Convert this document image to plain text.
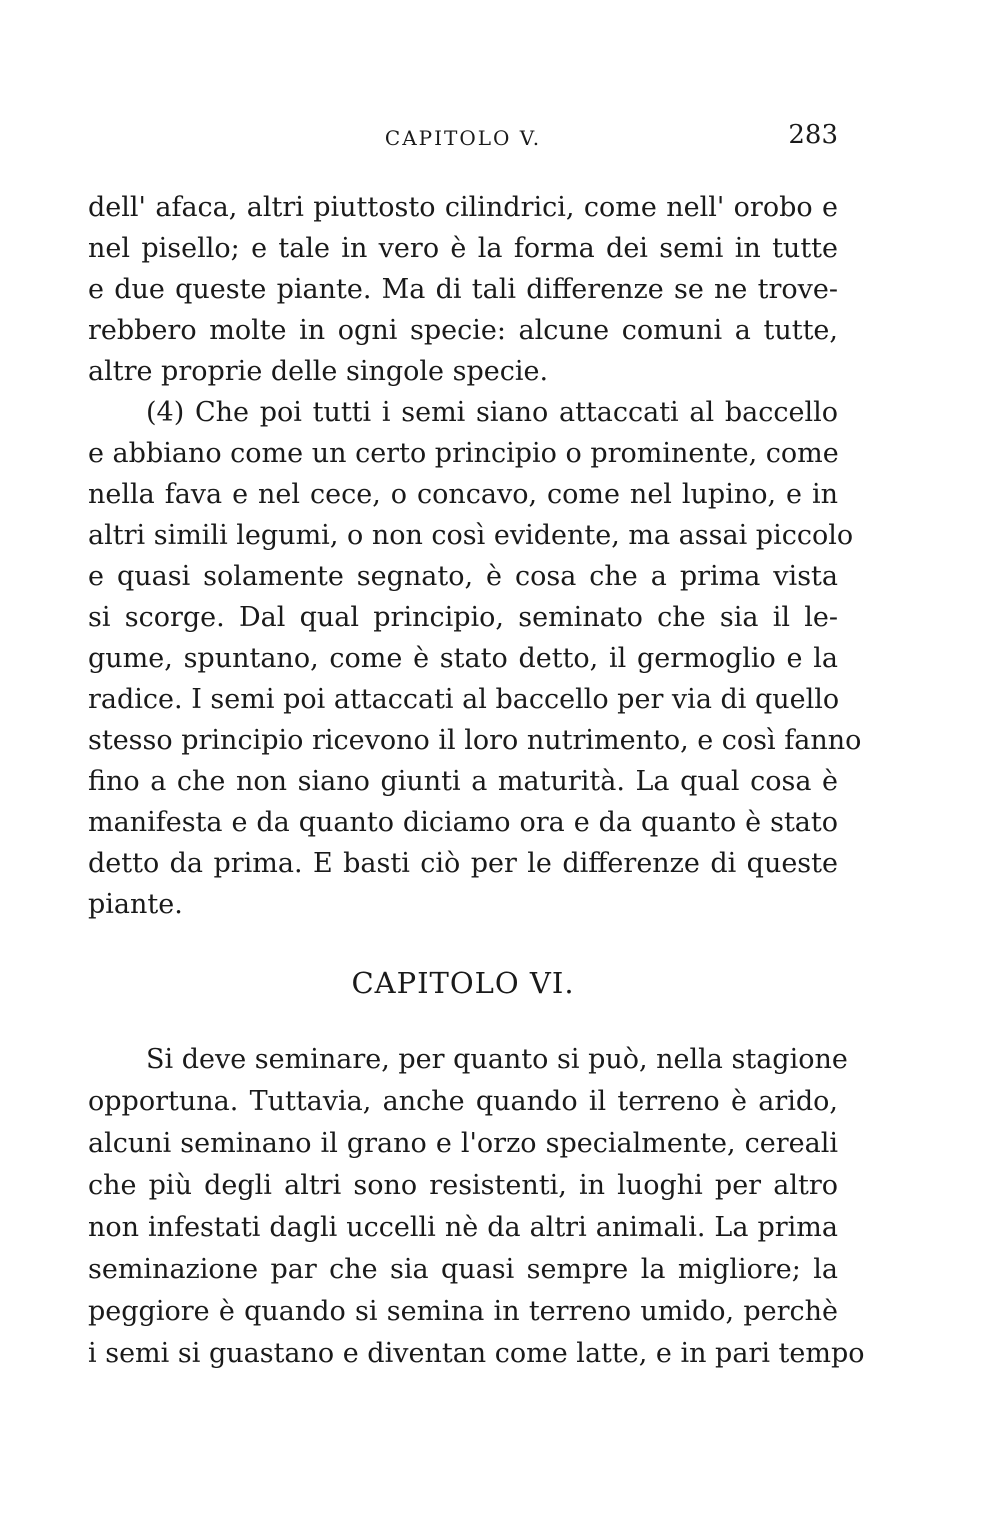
CAPITOLO V.	283
dell' afaca, altri piuttosto cilindrici, come nell' orobo e
nel pisello; e tale in vero è la forma dei semi in tutte
e due queste piante. Ma di tali differenze se ne trove-
rebbero molte in ogni specie: alcune comuni a tutte,
altre proprie delle singole specie.
(4) Che poi tutti i semi siano attaccati al baccello
e abbiano come un certo principio o prominente, come
nella fava e nel cece, o concavo, come nel lupino, e in
altri simili legumi, o non così evidente, ma assai piccolo
e quasi solamente segnato, è cosa che a prima vista
si scorge. Dal qual principio, seminato che sia il le-
gume, spuntano, come è stato detto, il germoglio e la
radice. I semi poi attaccati al baccello per via di quello
stesso principio ricevono il loro nutrimento, e così fanno
fino a che non siano giunti a maturità. La qual cosa è
manifesta e da quanto diciamo ora e da quanto è stato
detto da prima. E basti ciò per le differenze di queste
piante.
CAPITOLO VI.
Si deve seminare, per quanto si può, nella stagione
opportuna. Tuttavia, anche quando il terreno è arido,
alcuni seminano il grano e l'orzo specialmente, cereali
che più degli altri sono resistenti, in luoghi per altro
non infestati dagli uccelli nè da altri animali. La prima
seminazione par che sia quasi sempre la migliore; la
peggiore è quando si semina in terreno umido, perchè
i semi si guastano e diventan come latte, e in pari tempo
